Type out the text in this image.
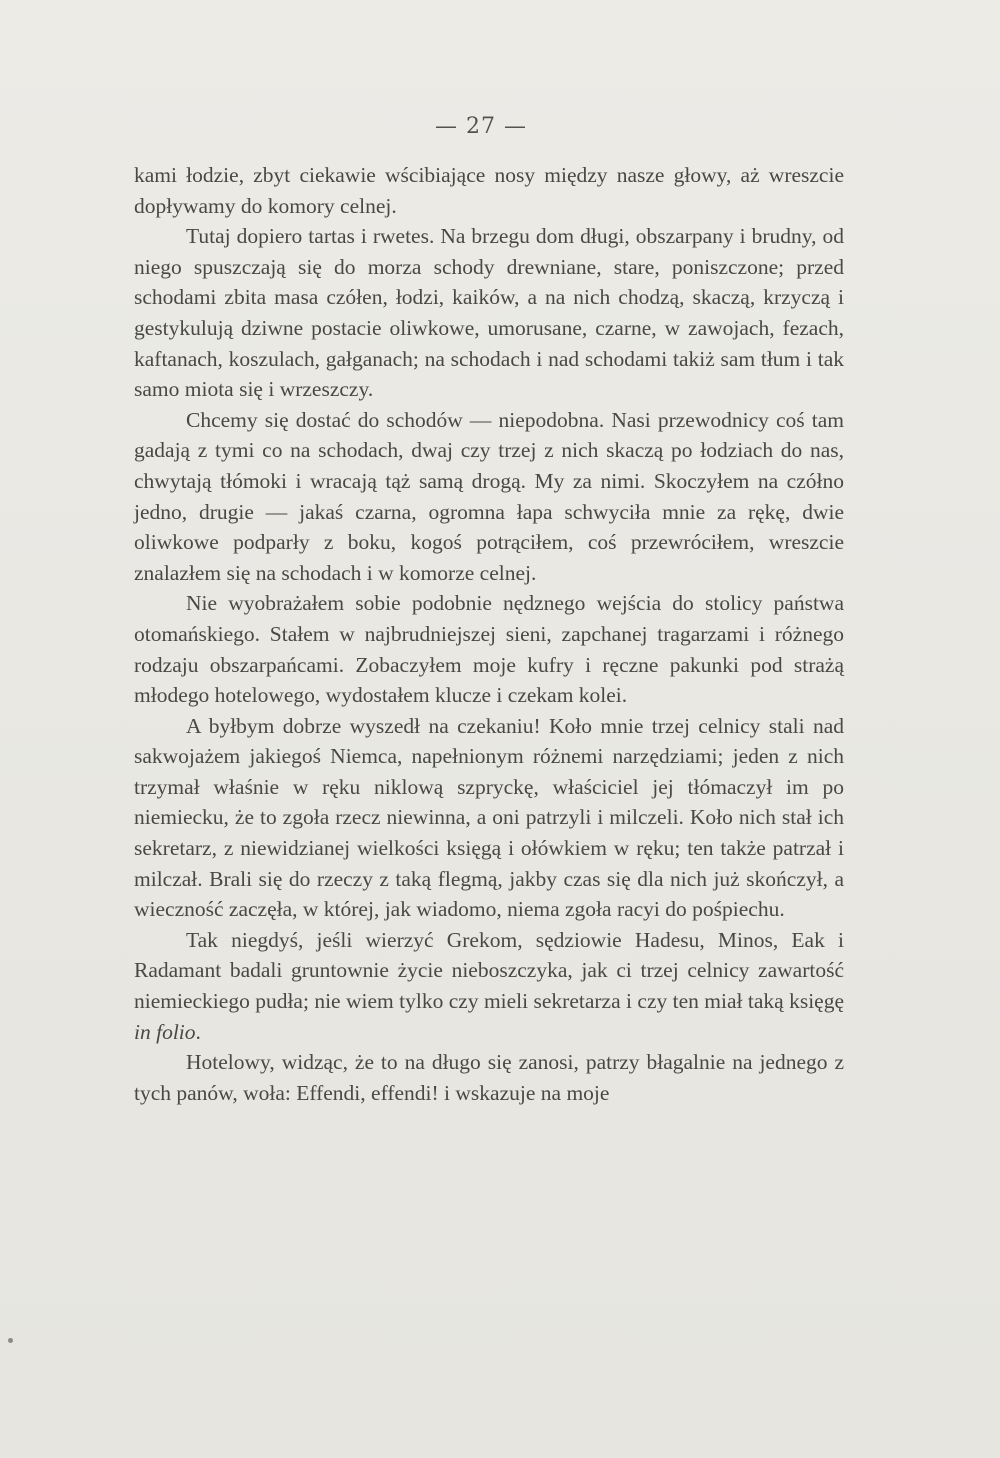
— 27 —

kami łodzie, zbyt ciekawie wścibiające nosy między nasze głowy, aż wreszcie dopływamy do komory celnej.

Tutaj dopiero tartas i rwetes. Na brzegu dom długi, obszarpany i brudny, od niego spuszczają się do morza schody drewniane, stare, poniszczone; przed schodami zbita masa czółen, łodzi, kaików, a na nich chodzą, skaczą, krzyczą i gestykulują dziwne postacie oliwkowe, umorusane, czarne, w zawojach, fezach, kaftanach, koszulach, gałganach; na schodach i nad schodami takiż sam tłum i tak samo miota się i wrzeszczy.

Chcemy się dostać do schodów — niepodobna. Nasi przewodnicy coś tam gadają z tymi co na schodach, dwaj czy trzej z nich skaczą po łodziach do nas, chwytają tłómoki i wracają tąż samą drogą. My za nimi. Skoczyłem na czółno jedno, drugie — jakaś czarna, ogromna łapa schwyciła mnie za rękę, dwie oliwkowe podparły z boku, kogoś potrąciłem, coś przewróciłem, wreszcie znalazłem się na schodach i w komorze celnej.

Nie wyobrażałem sobie podobnie nędznego wejścia do stolicy państwa otomańskiego. Stałem w najbrudniejszej sieni, zapchanej tragarzami i różnego rodzaju obszarpańcami. Zobaczyłem moje kufry i ręczne pakunki pod strażą młodego hotelowego, wydostałem klucze i czekam kolei.

A byłbym dobrze wyszedł na czekaniu! Koło mnie trzej celnicy stali nad sakwojażem jakiegoś Niemca, napełnionym różnemi narzędziami; jeden z nich trzymał właśnie w ręku niklową szpryckę, właściciel jej tłómaczył im po niemiecku, że to zgoła rzecz niewinna, a oni patrzyli i milczeli. Koło nich stał ich sekretarz, z niewidzianej wielkości księgą i ołówkiem w ręku; ten także patrzał i milczał. Brali się do rzeczy z taką flegmą, jakby czas się dla nich już skończył, a wieczność zaczęła, w której, jak wiadomo, niema zgoła racyi do pośpiechu.

Tak niegdyś, jeśli wierzyć Grekom, sędziowie Hadesu, Minos, Eak i Radamant badali gruntownie życie nieboszczyka, jak ci trzej celnicy zawartość niemieckiego pudła; nie wiem tylko czy mieli sekretarza i czy ten miał taką księgę in folio.

Hotelowy, widząc, że to na długo się zanosi, patrzy błagalnie na jednego z tych panów, woła: Effendi, effendi! i wskazuje na moje
